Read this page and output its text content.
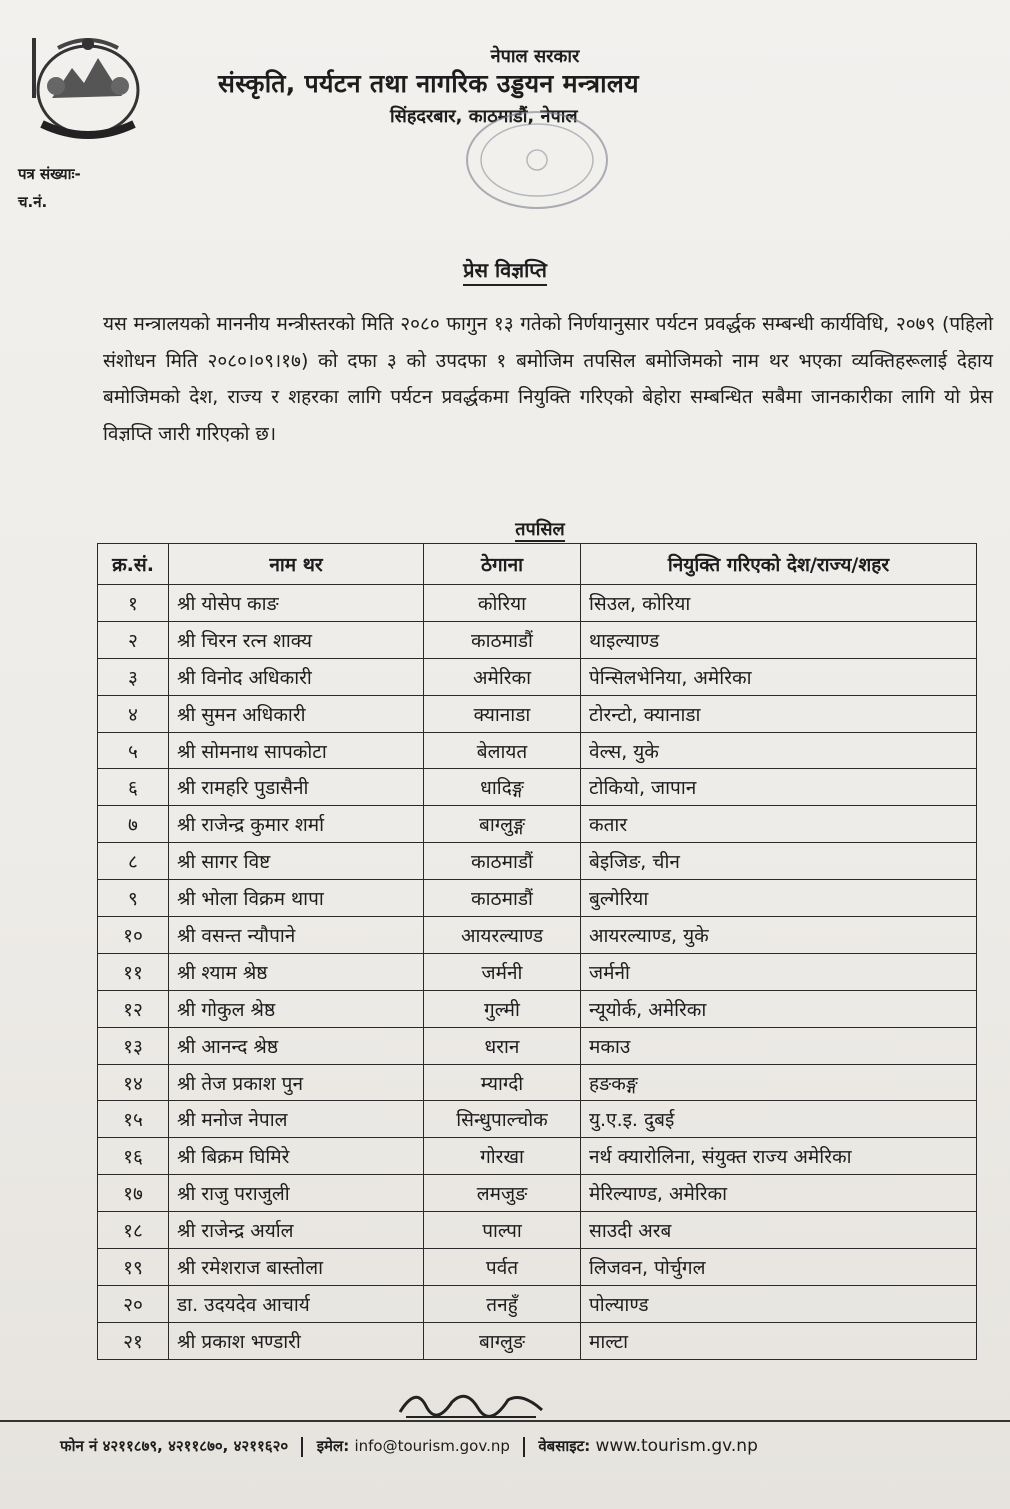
नेपाल सरकार
संस्कृति, पर्यटन तथा नागरिक उड्डयन मन्त्रालय
सिंहदरबार, काठमाडौं, नेपाल
पत्र संख्याः-
च.नं.
प्रेस विज्ञप्ति
यस मन्त्रालयको माननीय मन्त्रीस्तरको मिति २०८० फागुन १३ गतेको निर्णयानुसार पर्यटन प्रवर्द्धक सम्बन्धी कार्यविधि, २०७९ (पहिलो संशोधन मिति २०८०।०९।१७) को दफा ३ को उपदफा १ बमोजिम तपसिल बमोजिमको नाम थर भएका व्यक्तिहरूलाई देहाय बमोजिमको देश, राज्य र शहरका लागि पर्यटन प्रवर्द्धकमा नियुक्ति गरिएको बेहोरा सम्बन्धित सबैमा जानकारीका लागि यो प्रेस विज्ञप्ति जारी गरिएको छ।
तपसिल
क्र.सं.	नाम थर	ठेगाना	नियुक्ति गरिएको देश/राज्य/शहर
१	श्री योसेप काङ	कोरिया	सिउल, कोरिया
२	श्री चिरन रत्न शाक्य	काठमाडौं	थाइल्याण्ड
३	श्री विनोद अधिकारी	अमेरिका	पेन्सिलभेनिया, अमेरिका
४	श्री सुमन अधिकारी	क्यानाडा	टोरन्टो, क्यानाडा
५	श्री सोमनाथ सापकोटा	बेलायत	वेल्स, युके
६	श्री रामहरि पुडासैनी	धादिङ्ग	टोकियो, जापान
७	श्री राजेन्द्र कुमार शर्मा	बाग्लुङ्ग	कतार
८	श्री सागर विष्ट	काठमाडौं	बेइजिङ, चीन
९	श्री भोला विक्रम थापा	काठमाडौं	बुल्गेरिया
१०	श्री वसन्त न्यौपाने	आयरल्याण्ड	आयरल्याण्ड, युके
११	श्री श्याम श्रेष्ठ	जर्मनी	जर्मनी
१२	श्री गोकुल श्रेष्ठ	गुल्मी	न्यूयोर्क, अमेरिका
१३	श्री आनन्द श्रेष्ठ	धरान	मकाउ
१४	श्री तेज प्रकाश पुन	म्याग्दी	हङकङ्ग
१५	श्री मनोज नेपाल	सिन्धुपाल्चोक	यु.ए.इ. दुबई
१६	श्री बिक्रम घिमिरे	गोरखा	नर्थ क्यारोलिना, संयुक्त राज्य अमेरिका
१७	श्री राजु पराजुली	लमजुङ	मेरिल्याण्ड, अमेरिका
१८	श्री राजेन्द्र अर्याल	पाल्पा	साउदी अरब
१९	श्री रमेशराज बास्तोला	पर्वत	लिजवन, पोर्चुगल
२०	डा. उदयदेव आचार्य	तनहुँ	पोल्याण्ड
२१	श्री प्रकाश भण्डारी	बाग्लुङ	माल्टा
फोन नं ४२११८७९, ४२११८७०, ४२११६२० इमेल: info@tourism.gov.np वेबसाइट: www.tourism.gv.np
